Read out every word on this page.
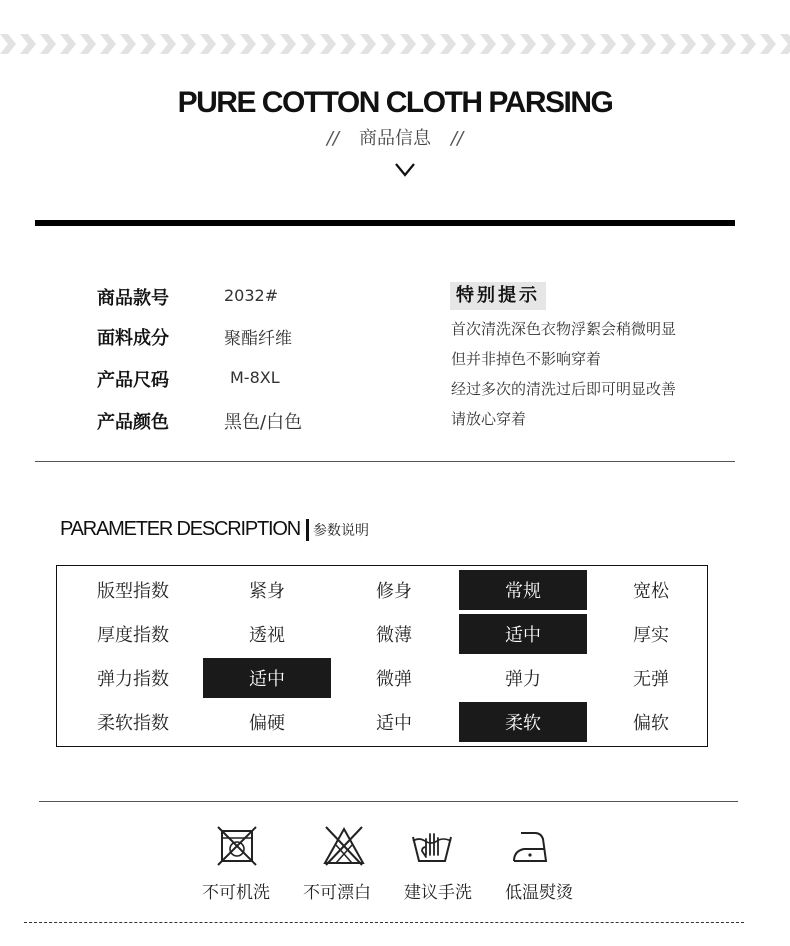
PURE COTTON CLOTH PARSING
// 商品信息 //
商品款号	2032#
面料成分	聚酯纤维
产品尺码	M-8XL
产品颜色	黑色/白色
特别提示
首次清洗深色衣物浮絮会稍微明显
但并非掉色不影响穿着
经过多次的清洗过后即可明显改善
请放心穿着
PARAMETER DESCRIPTION 参数说明
版型指数	紧身	修身	常规	宽松
厚度指数	透视	微薄	适中	厚实
弹力指数	适中	微弹	弹力	无弹
柔软指数	偏硬	适中	柔软	偏软
不可机洗	不可漂白	建议手洗	低温熨烫
